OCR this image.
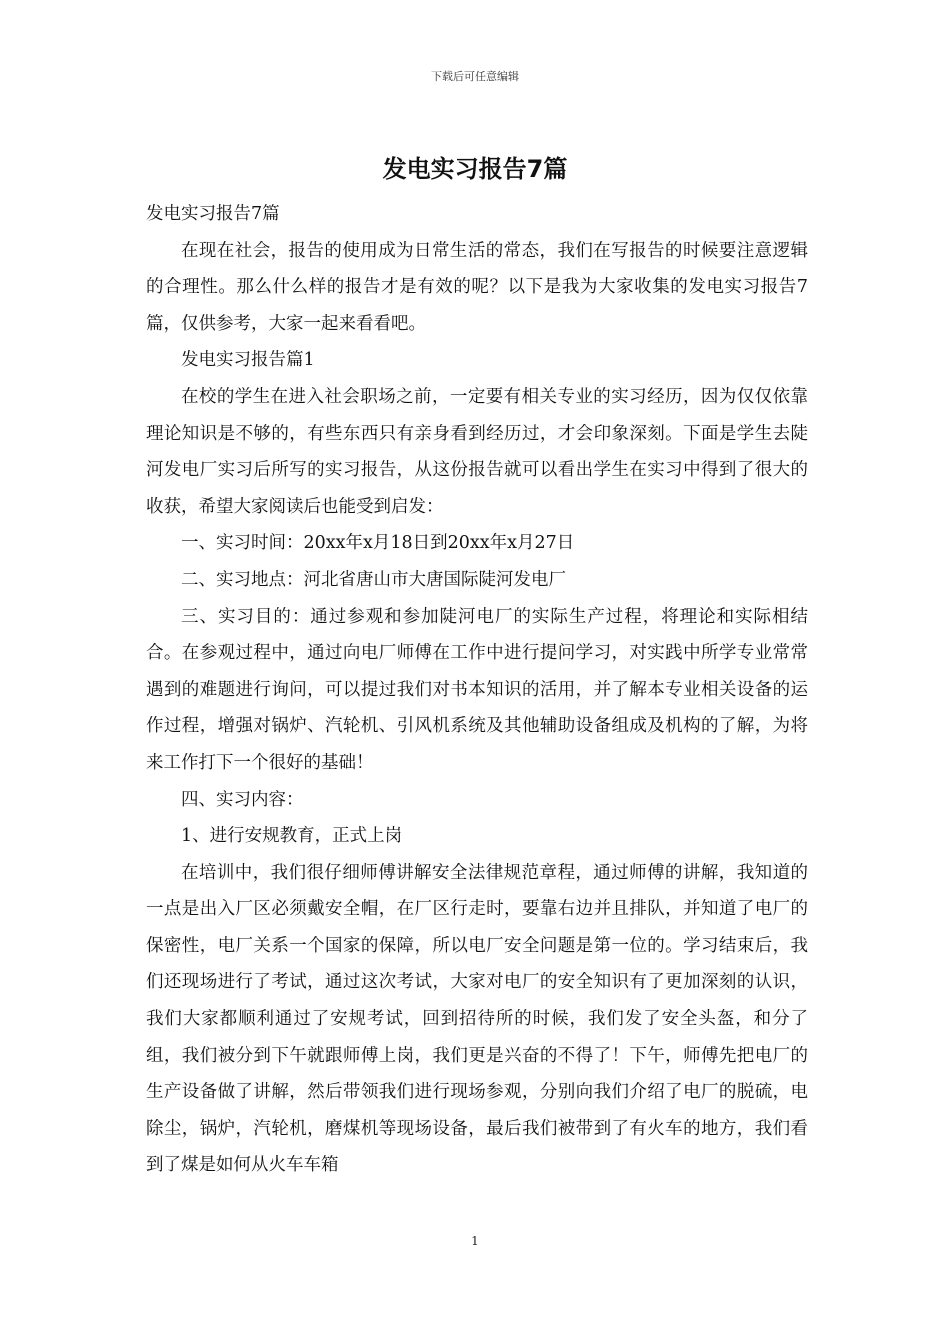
下载后可任意编辑
发电实习报告7篇

发电实习报告7篇

在现在社会，报告的使用成为日常生活的常态，我们在写报告的时候要注意逻辑的合理性。那么什么样的报告才是有效的呢？以下是我为大家收集的发电实习报告7篇，仅供参考，大家一起来看看吧。

发电实习报告篇1

在校的学生在进入社会职场之前，一定要有相关专业的实习经历，因为仅仅依靠理论知识是不够的，有些东西只有亲身看到经历过，才会印象深刻。下面是学生去陡河发电厂实习后所写的实习报告，从这份报告就可以看出学生在实习中得到了很大的收获，希望大家阅读后也能受到启发：

一、实习时间：20xx年x月18日到20xx年x月27日

二、实习地点：河北省唐山市大唐国际陡河发电厂

三、实习目的：通过参观和参加陡河电厂的实际生产过程，将理论和实际相结合。在参观过程中，通过向电厂师傅在工作中进行提问学习，对实践中所学专业常常遇到的难题进行询问，可以提过我们对书本知识的活用，并了解本专业相关设备的运作过程，增强对锅炉、汽轮机、引风机系统及其他辅助设备组成及机构的了解，为将来工作打下一个很好的基础！

四、实习内容：

1、进行安规教育，正式上岗

在培训中，我们很仔细师傅讲解安全法律规范章程，通过师傅的讲解，我知道的一点是出入厂区必须戴安全帽，在厂区行走时，要靠右边并且排队，并知道了电厂的保密性，电厂关系一个国家的保障，所以电厂安全问题是第一位的。学习结束后，我们还现场进行了考试，通过这次考试，大家对电厂的安全知识有了更加深刻的认识，我们大家都顺利通过了安规考试，回到招待所的时候，我们发了安全头盔，和分了组，我们被分到下午就跟师傅上岗，我们更是兴奋的不得了！下午，师傅先把电厂的生产设备做了讲解，然后带领我们进行现场参观，分别向我们介绍了电厂的脱硫，电除尘，锅炉，汽轮机，磨煤机等现场设备，最后我们被带到了有火车的地方，我们看到了煤是如何从火车车箱

1
